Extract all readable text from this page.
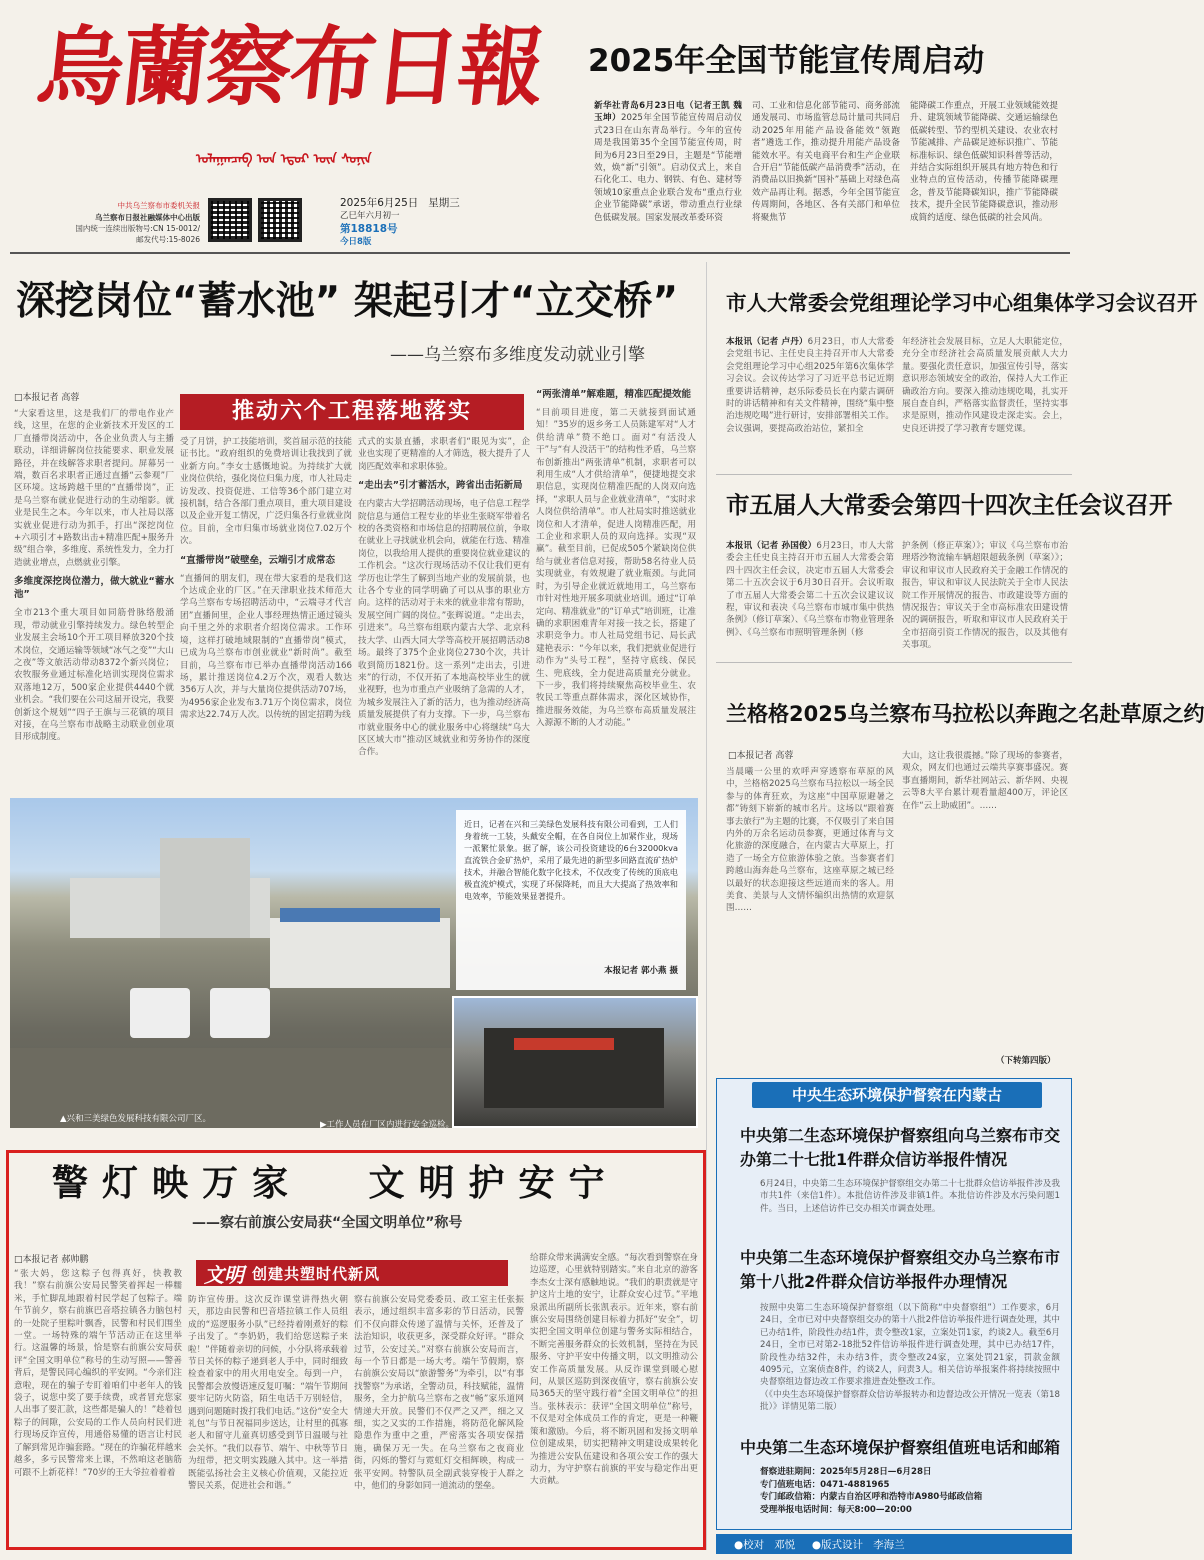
烏蘭察布日報
ᠤᠯᠠᠭᠠᠨᠴᠠᠪ ᠤᠨ ᠡᠳᠦᠷ ᠦᠨ ᠰᠣᠨᠢᠨ
中共乌兰察布市委机关报
乌兰察布日报社融媒体中心出版
国内统一连续出版物号:CN 15-0012/
邮发代号:15-8026
2025年6月25日 星期三
乙巳年六月初一
第18818号
今日8版
2025年全国节能宣传周启动
新华社青岛6月23日电（记者王凯 魏玉坤）2025年全国节能宣传周启动仪式23日在山东青岛举行。今年的宣传周是我国第35个全国节能宣传周，时间为6月23日至29日，主题是“节能增效，焕“新”引领”。启动仪式上，来自石化化工、电力、钢铁、有色、建材等领域10家重点企业联合发布“重点行业企业节能降碳”承诺，带动重点行业绿色低碳发展。国家发展改革委环资
司、工业和信息化部节能司、商务部流通发展司、市场监管总局计量司共同启动2025年用能产品设备能效“领跑者”遴选工作，推动提升用能产品设备能效水平。有关电商平台和生产企业联合开启“节能低碳产品消费季”活动，在消费品以旧换新“国补”基础上对绿色高效产品再让利。据悉，今年全国节能宣传周期间，各地区、各有关部门和单位将聚焦节
能降碳工作重点，开展工业领域能效提升、建筑领域节能降碳、交通运输绿色低碳转型、节约型机关建设、农业农村节能减排、产品碳足迹标识推广、节能标准标识、绿色低碳知识科普等活动，并结合实际组织开展具有地方特色和行业特点的宣传活动，传播节能降碳理念，普及节能降碳知识，推广节能降碳技术，提升全民节能降碳意识，推动形成简约适度、绿色低碳的社会风尚。
深挖岗位“蓄水池” 架起引才“立交桥”
——乌兰察布多维度发动就业引擎
□本报记者 高蓉
推动六个工程落地落实
“大家看这里，这是我们厂的带电作业产线，这里，在您的企业新技术开发区的工厂直播带岗活动中，各企业负责人与主播联动，详细讲解岗位技能要求、职业发展路径，并在线解答求职者提问。屏幕另一端，数百名求职者正通过直播“云参观”厂区环境。这场跨越千里的“直播带岗”，正是乌兰察布就业促进行动的生动缩影。就业是民生之本。今年以来，市人社局以落实就业促进行动为抓手，打出“深挖岗位+六项引才+路数出击+精准匹配+服务升级”组合拳，多维度、系统性发力，全力打造就业增点，点燃就业引擎。
多维度深挖岗位潜力，做大就业“蓄水池”
全市213个重大项目如同筋骨脉络般涌现，带动就业引擎持续发力。绿色转型企业发展主会场10个开工项目释放320个技术岗位，交通运输等领域“冰气之变”“大山之夜”等文旅活动带动8372个新兴岗位；农牧服务业通过标准化培训实现岗位需求双落地12万，500家企业提供4440个就业机会。“我们要在公司这届开设完，我要创新这个规划”“四子王旗与三花镇的项目对接，在乌兰察布市战略主动联业创业项目形成制度。
受了月饼，护工技能培训，奖首届示范的技能证书比。“政府组织的免费培训让我找到了就业新方向。”李女士感慨地说。为持续扩大就业岗位供给，强化岗位归集力度，市人社局走访发改、投资促进、工信等36个部门建立对接机制，结合各部门重点项目，重大项目建设以及企业开复工情况，广泛归集各行业就业岗位。目前，全市归集市场就业岗位7.02万个次。
“直播带岗”破壁垒，云端引才成常态
“直播间的朋友们，现在带大家看的是我们这个达成企业的厂区。”在天津职业技术师范大学乌兰察布专场招聘活动中，“云端寻才代言团”直播间里，企业人事经理热情正通过镜头向千里之外的求职者介绍岗位需求。工作环境，这样打破地域限制的“直播带岗”模式，已成为乌兰察布市创业就业“新时尚”。截至目前，乌兰察布市已举办直播带岗活动166场，累计推送岗位4.2万个次，观看人数达356万人次，并与大量岗位提供活动707场，为4956家企业发布3.71万个岗位需求，岗位需求达22.74万人次。以传统的固定招聘为线
式式的实景直播，求职者们“眼见为实”，企业也实现了更精准的人才筛选，极大提升了人岗匹配效率和求职体验。
“走出去”引才蓄活水，跨省出击拓新局
在内蒙古大学招聘活动现场，电子信息工程学院信息与通信工程专业的毕业生张晓军带着名校的各类资格和市场信息的招聘展位前，争取在就业上寻找就业机会向，就能在行选、精准岗位，以我给用人提供的重要岗位就业建议的工作机会。“这次行现场活动不仅让我们更有学历也让学生了解到当地产业的发展前景，也让各个专业的同学明确了可以从事的职业方向。这样的活动对于未来的就业非常有帮助，发展空间广阔的岗位。”张辉说道。“走出去，引进来”。乌兰察布组联内蒙古大学、北京科技大学、山西大同大学等高校开展招聘活动8场。最终了375个企业岗位2730个次，共计收到简历1821份。这一系列“走出去，引进来”的行动，不仅开拓了本地高校毕业生的就业视野，也为市重点产业吸纳了急需的人才，为城乡发展注入了新的活力，也为推动经济高质量发展提供了有力支撑。下一步，乌兰察布市就业服务中心的就业服务中心将继续“乌大区区域大市”推动区域就业和劳务协作的深度合作。
“两张清单”解难题，精准匹配提效能
“目前项目进度，第二天就接到面试通知！”35岁的返乡务工人员陈建军对“人才供给清单”赞不绝口。面对“有活没人干”与“有人没活干”的结构性矛盾，乌兰察布创新推出“两张清单”机制，求职者可以利用生成“人才供给清单”，便捷地提交求职信息，实现岗位精准匹配的人岗双向选择，“求职人员与企业就业清单”，“实时求人岗位供给清单”。市人社局实时推送就业岗位和人才清单，促进人岗精准匹配，用工企业和求职人员的双向选择。实现“双赢”。截至目前，已促成505个紧缺岗位供给与就业者信息对接，帮助58名待业人员实现就业，有效规避了就业瓶颈。与此同时，为引导企业就近就地用工，乌兰察布市针对性地开展多项就业培训。通过“订单定向、精准就业”的“订单式”培训班，让准确的求职困难青年对接一技之长，搭建了求职竞争力。市人社局党组书记、局长武建艳表示：“今年以来，我们把就业促进行动作为“头号工程”，坚持守底线、保民生、兜底线，全力促进高质量充分就业。下一步，我们将持续聚焦高校毕业生、农牧民工等重点群体需求，深化区域协作，推进服务效能，为乌兰察布高质量发展注入源源不断的人才动能。”
近日，记者在兴和三美绿色发展科技有限公司看到，工人们身着统一工装，头戴安全帽，在各自岗位上加紧作业，现场一派繁忙景象。据了解，该公司投资建设的6台32000kva直流铁合金矿热炉，采用了最先进的新型多回路直流矿热炉技术，并融合智能化数字化技术，不仅改变了传统的顶底电极直流炉模式，实现了环保降耗，而且大大提高了热效率和电效率，节能效果显著提升。
本报记者 郭小燕 摄
▲兴和三美绿色发展科技有限公司厂区。
▶工作人员在厂区内进行安全巡检。
警灯映万家 文明护安宁
——察右前旗公安局获“全国文明单位”称号
□本报记者 郝帅鹏
文明 创建共塑时代新风
“张大妈，您这粽子包得真好，快教教我！”察右前旗公安局民警笑着挥起一棒糯米，手忙脚乱地跟着村民学起了包粽子。端午节前夕，察右前旗巴音塔拉镇各力脑包村的一处院子里粽叶飘香，民警和村民们围坐一堂。一场特殊的端午节活动正在这里举行。这温馨的场景，恰是察右前旗公安局获评“全国文明单位”称号的生动写照——警善背后，是警民同心编织的平安网。“今亲们注意啦，现在的骗子专盯着咱们中老年人的钱袋子，说您中奖了要手续费，或者冒充您家人出事了要汇款，这些都是骗人的！”趁着包粽子的间隙，公安局的工作人员向村民们进行现场反诈宣传，用通俗易懂的语言让村民了解到常见诈骗套路。“现在的诈骗花样越来越多，多亏民警常来上课，不然咱这老脑筋可跟不上新花样！”70岁的王大爷拉着着着
防诈宣传册。这次反诈课堂讲得热火朝天，那边由民警和巴音塔拉镇工作人员组成的“巡逻服务小队”已经持着刚煮好的粽子出发了。“李奶奶，我们给您送粽子来啦！”伴随着亲切的问候，小分队将承载着节日关怀的粽子递到老人手中，同时细致检查着家中的用火用电安全。每到一户，民警都会放慢语速反复叮嘱：“端午节期间要牢记防火防盗，陌生电话千万别轻信，遇到问题随时拨打我们电话。”这份“安全大礼包”与节日祝福同步送达，让村里的孤寡老人和留守儿童真切感受到节日温暖与社会关怀。“我们以春节、端午、中秋等节日为纽带，把文明实践融入其中。这一举措既能弘扬社会主义核心价值观，又能拉近警民关系，促进社会和谐。”
察右前旗公安局党委委员、政工室主任张振表示，通过组织丰富多彩的节日活动，民警们不仅向群众传递了温情与关怀，还普及了法治知识，收获更多，深受群众好评。“群众过节，公安过关。”对察右前旗公安局而言，每一个节日都是一场大考。端午节假期，察右前旗公安局以“旅游警务”为牵引，以“有事找警察”为承诺，全警动员，科技赋能，温情服务，全力护航乌兰察布之夜“畅”家乐道网情递大开放。民警们不仅严之又严，细之又细，实之又实的工作措施，将防范化解风险隐患作为重中之重，严密落实各项安保措施，确保万无一失。在乌兰察布之夜商业街，闪烁的警灯与霓虹灯交相辉映，构成一张平安网。特警队员全副武装穿梭于人群之中，他们的身影如同一道流动的堡垒。
给群众带来满满安全感。“每次看到警察在身边巡逻，心里就特别踏实。”来自北京的游客李杰女士深有感触地说。“我们的职责就是守护这片土地的安宁，让群众安心过节。”平地泉派出所副所长张凯表示。近年来，察右前旗公安局围绕创建目标着力抓好“安全”，切实把全国文明单位创建与警务实际相结合，不断完善服务群众的长效机制，坚持在为民服务、守护平安中传播文明，以文明推动公安工作高质量发展。从反诈课堂到暖心慰问，从景区巡防到深夜值守，察右前旗公安局365天的坚守践行着“全国文明单位”的担当。张林表示：获评“全国文明单位”称号，不仅是对全体成员工作的肯定，更是一种鞭策和激励。今后，将不断巩固和发扬文明单位创建成果，切实把精神文明建设成果转化为推进公安队伍建设和各项公安工作的强大动力，为守护察右前旗的平安与稳定作出更大贡献。
市人大常委会党组理论学习中心组集体学习会议召开
本报讯（记者 卢丹）6月23日，市人大常委会党组书记、主任史良主持召开市人大常委会党组理论学习中心组2025年第6次集体学习会议。会议传达学习了习近平总书记近期重要讲话精神，赵乐际委员长在内蒙古调研时的讲话精神和有关文件精神，围绕“集中整治违规吃喝”进行研讨，安排部署相关工作。会议强调，要提高政治站位，紧扣全
年经济社会发展目标，立足人大职能定位，充分全市经济社会高质量发展贡献人大力量。要强化责任意识，加强宣传引导，落实意识形态领域安全的政治，保持人大工作正确政治方向。要深入推动违规吃喝，扎实开展自查自纠，严格落实监督责任，坚持实事求是原则，推动作风建设走深走实。会上，史良还讲授了学习教育专题党课。
市五届人大常委会第四十四次主任会议召开
本报讯（记者 孙国俊）6月23日，市人大常委会主任史良主持召开市五届人大常委会第四十四次主任会议，决定市五届人大常委会第二十五次会议于6月30日召开。会议听取了市五届人大常委会第二十五次会议建议议程，审议和表决《乌兰察布市城市集中供热条例》（修订草案）、《乌兰察布市物业管理条例》、《乌兰察布市照明管理条例（修
护条例（修正草案）》；审议《乌兰察布市治理塔沙物流输车辆超限超载条例（草案）》；审议和审议市人民政府关于金融工作情况的报告，审议和审议人民法院关于全市人民法院工作开展情况的报告、市政建设等方面的情况报告；审议关于全市高标准农田建设情况的调研报告，听取和审议市人民政府关于全市招商引资工作情况的报告，以及其他有关事项。
兰格格2025乌兰察布马拉松以奔跑之名赴草原之约
□本报记者 高蓉
当晨曦一公里的欢呼声穿透察布草原的风中，兰格格2025乌兰察布马拉松以一场全民参与的体育狂欢，为这座“中国草原避暑之都”铸刻下崭新的城市名片。这场以“跟着赛事去旅行”为主题的比赛，不仅吸引了来自国内外的万余名运动员参赛，更通过体育与文化旅游的深度融合，在内蒙古大草原上，打造了一场全方位旅游体验之旅。当参赛者们跨越山海奔赴乌兰察布，这座草原之城已经以最好的状态迎接这些远道而来的客人。用美食、美景与人文情怀编织出热情的欢迎氛围……
大山，这让我很震撼。”除了现场的参赛者，观众，网友们也通过云端共享赛事盛况。赛事直播期间，新华社网站云、新华网、央视云等8大平台累计观看量超400万，评论区在作“云上助威团”。……
（下转第四版）
中央生态环境保护督察在内蒙古
中央第二生态环境保护督察组向乌兰察布市交办第二十七批1件群众信访举报件情况
6月24日，中央第二生态环境保护督察组交办第二十七批群众信访举报件涉及我市共1件（来信1件）。本批信访件涉及非镇1件。本批信访件涉及水污染问题1件。当日，上述信访件已交办相关市调查处理。
中央第二生态环境保护督察组交办乌兰察布市第十八批2件群众信访举报件办理情况
按照中央第二生态环境保护督察组（以下简称“中央督察组”）工作要求，6月24日，全市已对中央督察组交办的第十八批2件信访举报件进行调查处理，其中已办结1件，阶段性办结1件，责令整改1家，立案处罚1家，约谈2人。截至6月24日，全市已对第2-18批52件信访举报件进行调查处理，其中已办结17件，阶段性办结32件，未办结3件，责令整改24家，立案处罚21家，罚款金额4095元，立案侦查8件，约谈2人，问责3人。相关信访举报案件将持续按照中央督察组边督边改工作要求推进查处整改工作。
（《中央生态环境保护督察群众信访举报转办和边督边改公开情况一览表（第18批）》详情见第二版）
中央第二生态环境保护督察组值班电话和邮箱
督察进驻期间：2025年5月28日—6月28日
专门值班电话：0471-4881965
专门邮政信箱：内蒙古自治区呼和浩特市A980号邮政信箱
受理举报电话时间：每天8:00—20:00
●校对
邓悦
●版式设计
李海兰
